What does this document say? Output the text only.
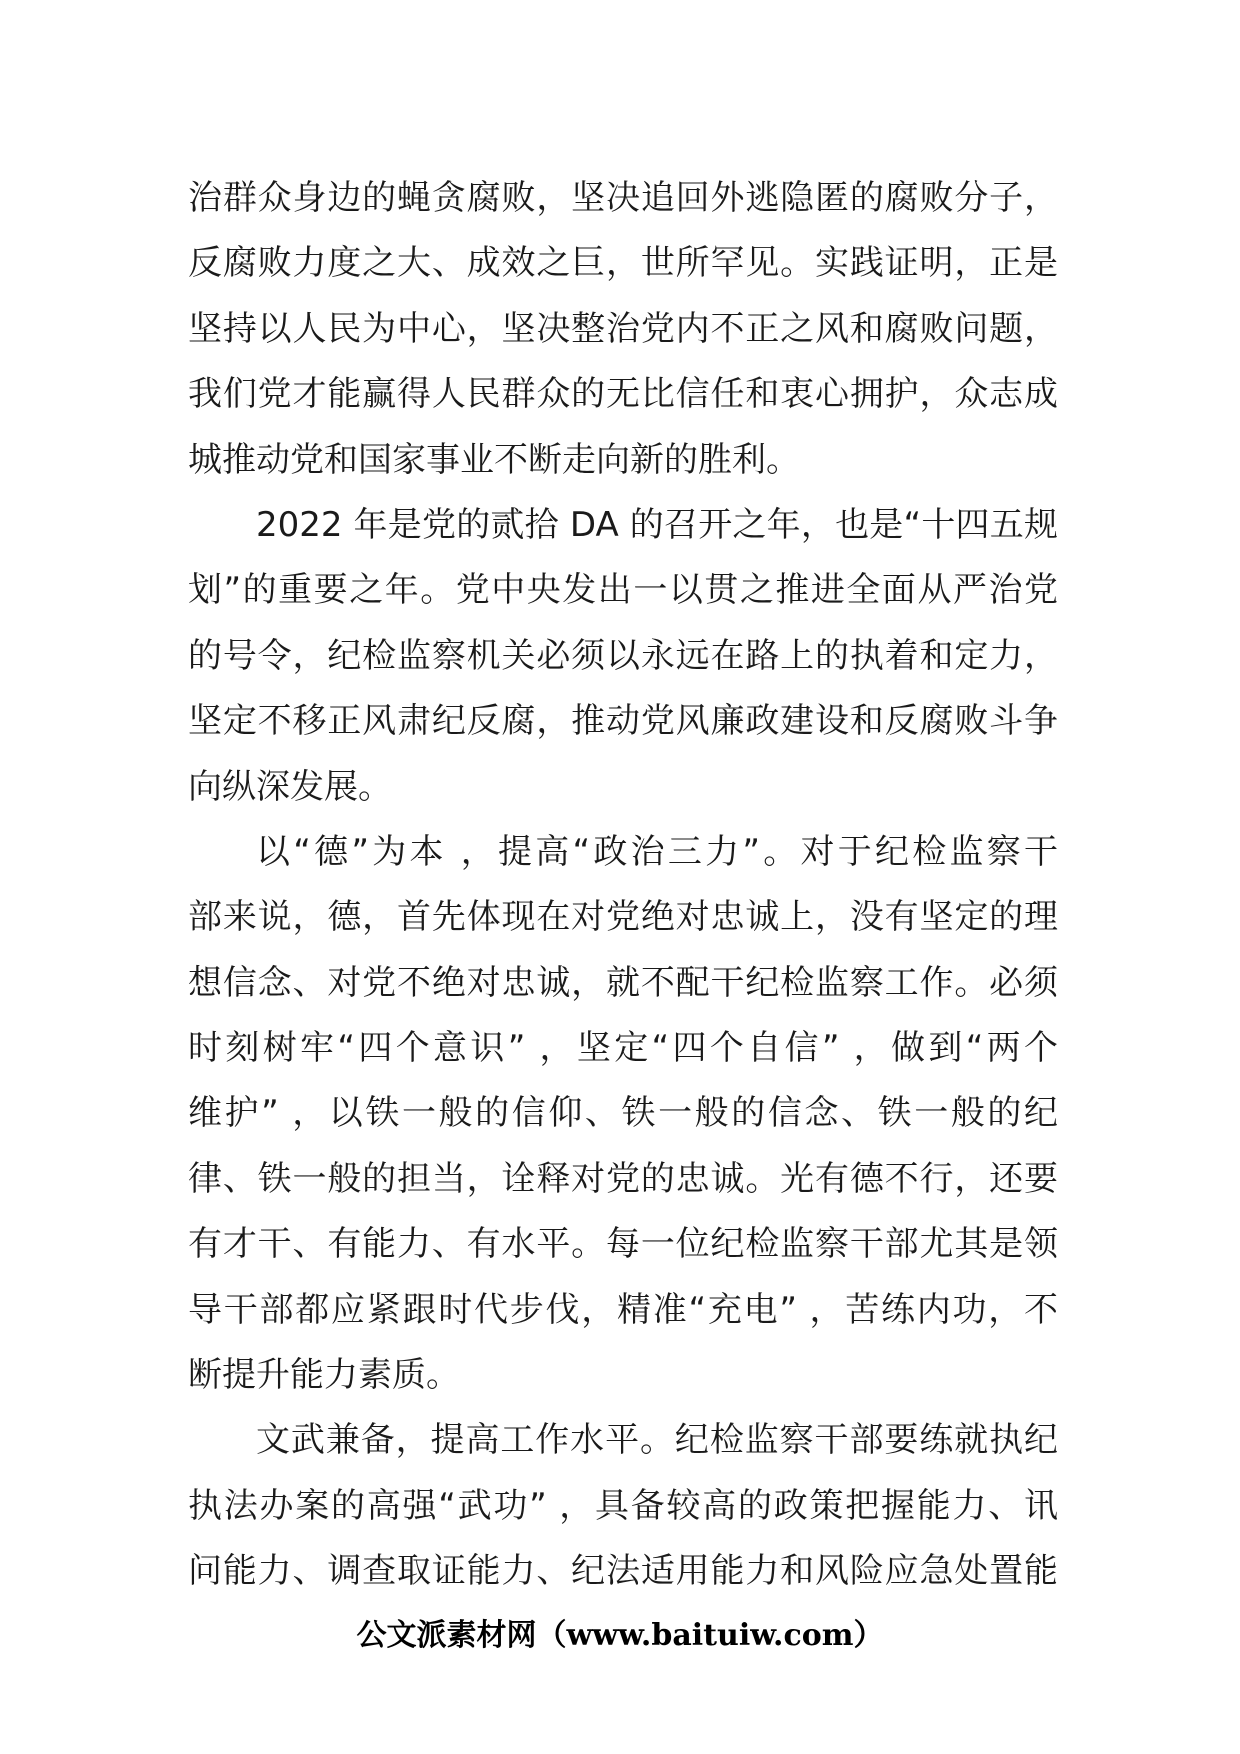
治群众身边的蝇贪腐败，坚决追回外逃隐匿的腐败分子，
反腐败力度之大、成效之巨，世所罕见。实践证明，正是
坚持以人民为中心，坚决整治党内不正之风和腐败问题，
我们党才能赢得人民群众的无比信任和衷心拥护，众志成
城推动党和国家事业不断走向新的胜利。
2022 年是党的贰拾 DA 的召开之年，也是“十四五规
划”的重要之年。党中央发出一以贯之推进全面从严治党
的号令，纪检监察机关必须以永远在路上的执着和定力，
坚定不移正风肃纪反腐，推动党风廉政建设和反腐败斗争
向纵深发展。
以“德”为本 ，提高“政治三力”。对于纪检监察干
部来说，德，首先体现在对党绝对忠诚上，没有坚定的理
想信念、对党不绝对忠诚，就不配干纪检监察工作。必须
时刻树牢“四个意识” ，坚定“四个自信” ，做到“两个
维护” ，以铁一般的信仰、铁一般的信念、铁一般的纪
律、铁一般的担当，诠释对党的忠诚。光有德不行，还要
有才干、有能力、有水平。每一位纪检监察干部尤其是领
导干部都应紧跟时代步伐，精准“充电” ，苦练内功，不
断提升能力素质。
文武兼备，提高工作水平。纪检监察干部要练就执纪
执法办案的高强“武功” ，具备较高的政策把握能力、讯
问能力、调查取证能力、纪法适用能力和风险应急处置能
公文派素材网（www.baituiw.com）
